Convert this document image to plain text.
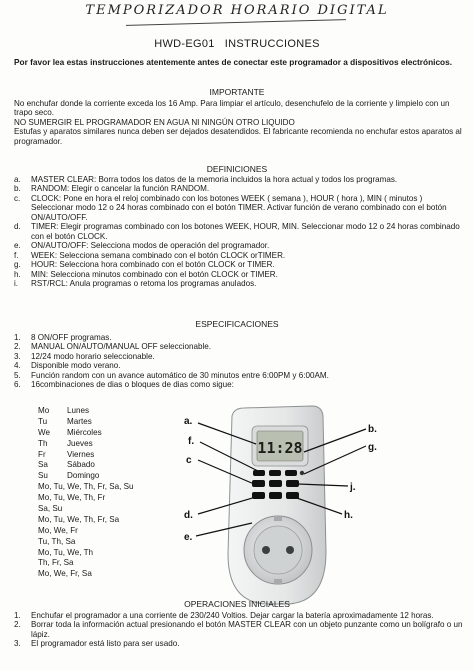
TEMPORIZADOR HORARIO DIGITAL
HWD-EG01 INSTRUCCIONES
Por favor lea estas instrucciones atentemente antes de conectar este programador a dispositivos electrónicos.
IMPORTANTE
No enchufar donde la corriente exceda los 16 Amp. Para limpiar el artículo, desenchufelo de la corriente y limpielo con un trapo seco.
NO SUMERGIR EL PROGRAMADOR EN AGUA NI NINGÚN OTRO LIQUIDO
Estufas y aparatos similares nunca deben ser dejados desatendidos. El fabricante recomienda no enchufar estos aparatos al programador.
DEFINICIONES
a.	MASTER CLEAR: Borra todos los datos de la memoria incluidos la hora actual y todos los programas.
b.	RANDOM: Elegir o cancelar la función RANDOM.
c.	CLOCK: Pone en hora el reloj combinado con los botones WEEK ( semana ), HOUR ( hora ), MIN ( minutos ) Seleccionar modo 12 o 24 horas combinado con el botón TIMER. Activar función de verano combinado con el botón ON/AUTO/OFF.
d.	TIMER: Elegir programas combinado con los botones WEEK, HOUR, MIN. Seleccionar modo 12 o 24 horas combinado con el botón CLOCK.
e.	ON/AUTO/OFF: Selecciona modos de operación del programador.
f.	WEEK: Selecciona semana combinado con el botón CLOCK orTIMER.
g.	HOUR: Selecciona hora combinado con el botón CLOCK or TIMER.
h.	MIN: Selecciona minutos combinado con el botón CLOCK or TIMER.
i.	RST/RCL: Anula programas o retoma los programas anulados.
ESPECIFICACIONES
1.	8 ON/OFF programas.
2.	MANUAL ON/AUTO/MANUAL OFF seleccionable.
3.	12/24 modo horario seleccionable.
4.	Disponible modo verano.
5.	Función random con un avance automático de 30 minutos entre 6:00PM y 6:00AM.
6.	16combinaciones de dias o bloques de dias como sigue:
Mo Lunes
Tu Martes
We Miércoles
Th Jueves
Fr	Viernes
Sa Sábado
Su Domingo
Mo, Tu, We, Th, Fr, Sa, Su
Mo, Tu, We, Th, Fr
Sa, Su
Mo, Tu, We, Th, Fr, Sa
Mo, We, Fr
Tu, Th, Sa
Mo, Tu, We, Th
Th, Fr, Sa
Mo, We, Fr, Sa
11:28
a.
b.
g.
f.
c
j.
d.	h.
e.
OPERACIONES INICIALES
1.	Enchufar el programador a una corriente de 230/240 Voltios. Dejar cargar la batería aproximadamente 12 horas.
2.	Borrar toda la información actual presionando el botón MASTER CLEAR con un objeto punzante como un bolígrafo o un lápiz.
3.	El programador está listo para ser usado.
